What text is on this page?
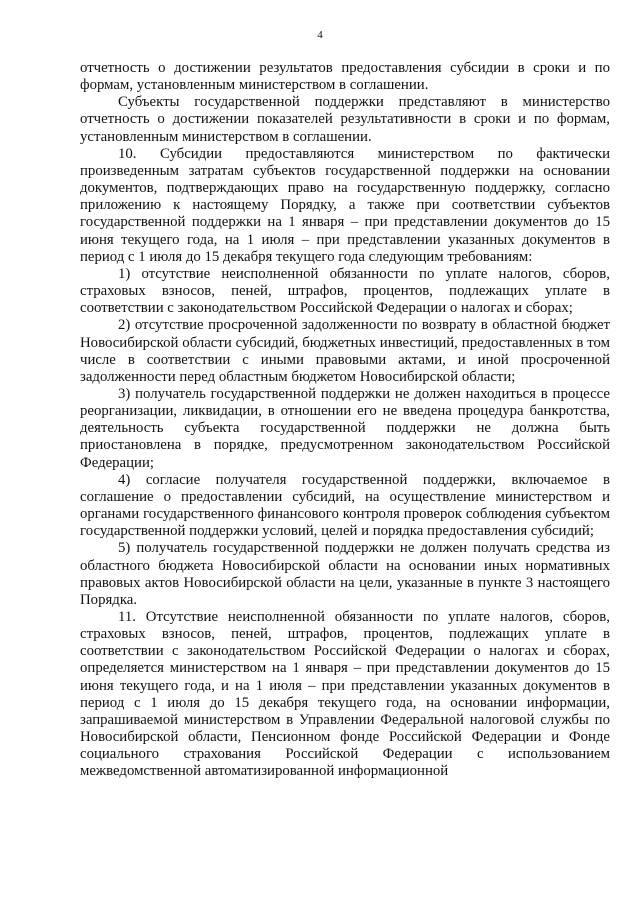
4

отчетность о достижении результатов предоставления субсидии в сроки и по формам, установленным министерством в соглашении.

Субъекты государственной поддержки представляют в министерство отчетность о достижении показателей результативности в сроки и по формам, установленным министерством в соглашении.

10. Субсидии предоставляются министерством по фактически произведенным затратам субъектов государственной поддержки на основании документов, подтверждающих право на государственную поддержку, согласно приложению к настоящему Порядку, а также при соответствии субъектов государственной поддержки на 1 января – при представлении документов до 15 июня текущего года, на 1 июля – при представлении указанных документов в период с 1 июля до 15 декабря текущего года следующим требованиям:

1) отсутствие неисполненной обязанности по уплате налогов, сборов, страховых взносов, пеней, штрафов, процентов, подлежащих уплате в соответствии с законодательством Российской Федерации о налогах и сборах;

2) отсутствие просроченной задолженности по возврату в областной бюджет Новосибирской области субсидий, бюджетных инвестиций, предоставленных в том числе в соответствии с иными правовыми актами, и иной просроченной задолженности перед областным бюджетом Новосибирской области;

3) получатель государственной поддержки не должен находиться в процессе реорганизации, ликвидации, в отношении его не введена процедура банкротства, деятельность субъекта государственной поддержки не должна быть приостановлена в порядке, предусмотренном законодательством Российской Федерации;

4) согласие получателя государственной поддержки, включаемое в соглашение о предоставлении субсидий, на осуществление министерством и органами государственного финансового контроля проверок соблюдения субъектом государственной поддержки условий, целей и порядка предоставления субсидий;

5) получатель государственной поддержки не должен получать средства из областного бюджета Новосибирской области на основании иных нормативных правовых актов Новосибирской области на цели, указанные в пункте 3 настоящего Порядка.

11. Отсутствие неисполненной обязанности по уплате налогов, сборов, страховых взносов, пеней, штрафов, процентов, подлежащих уплате в соответствии с законодательством Российской Федерации о налогах и сборах, определяется министерством на 1 января – при представлении документов до 15 июня текущего года, и на 1 июля – при представлении указанных документов в период с 1 июля до 15 декабря текущего года, на основании информации, запрашиваемой министерством в Управлении Федеральной налоговой службы по Новосибирской области, Пенсионном фонде Российской Федерации и Фонде социального страхования Российской Федерации с использованием межведомственной автоматизированной информационной
